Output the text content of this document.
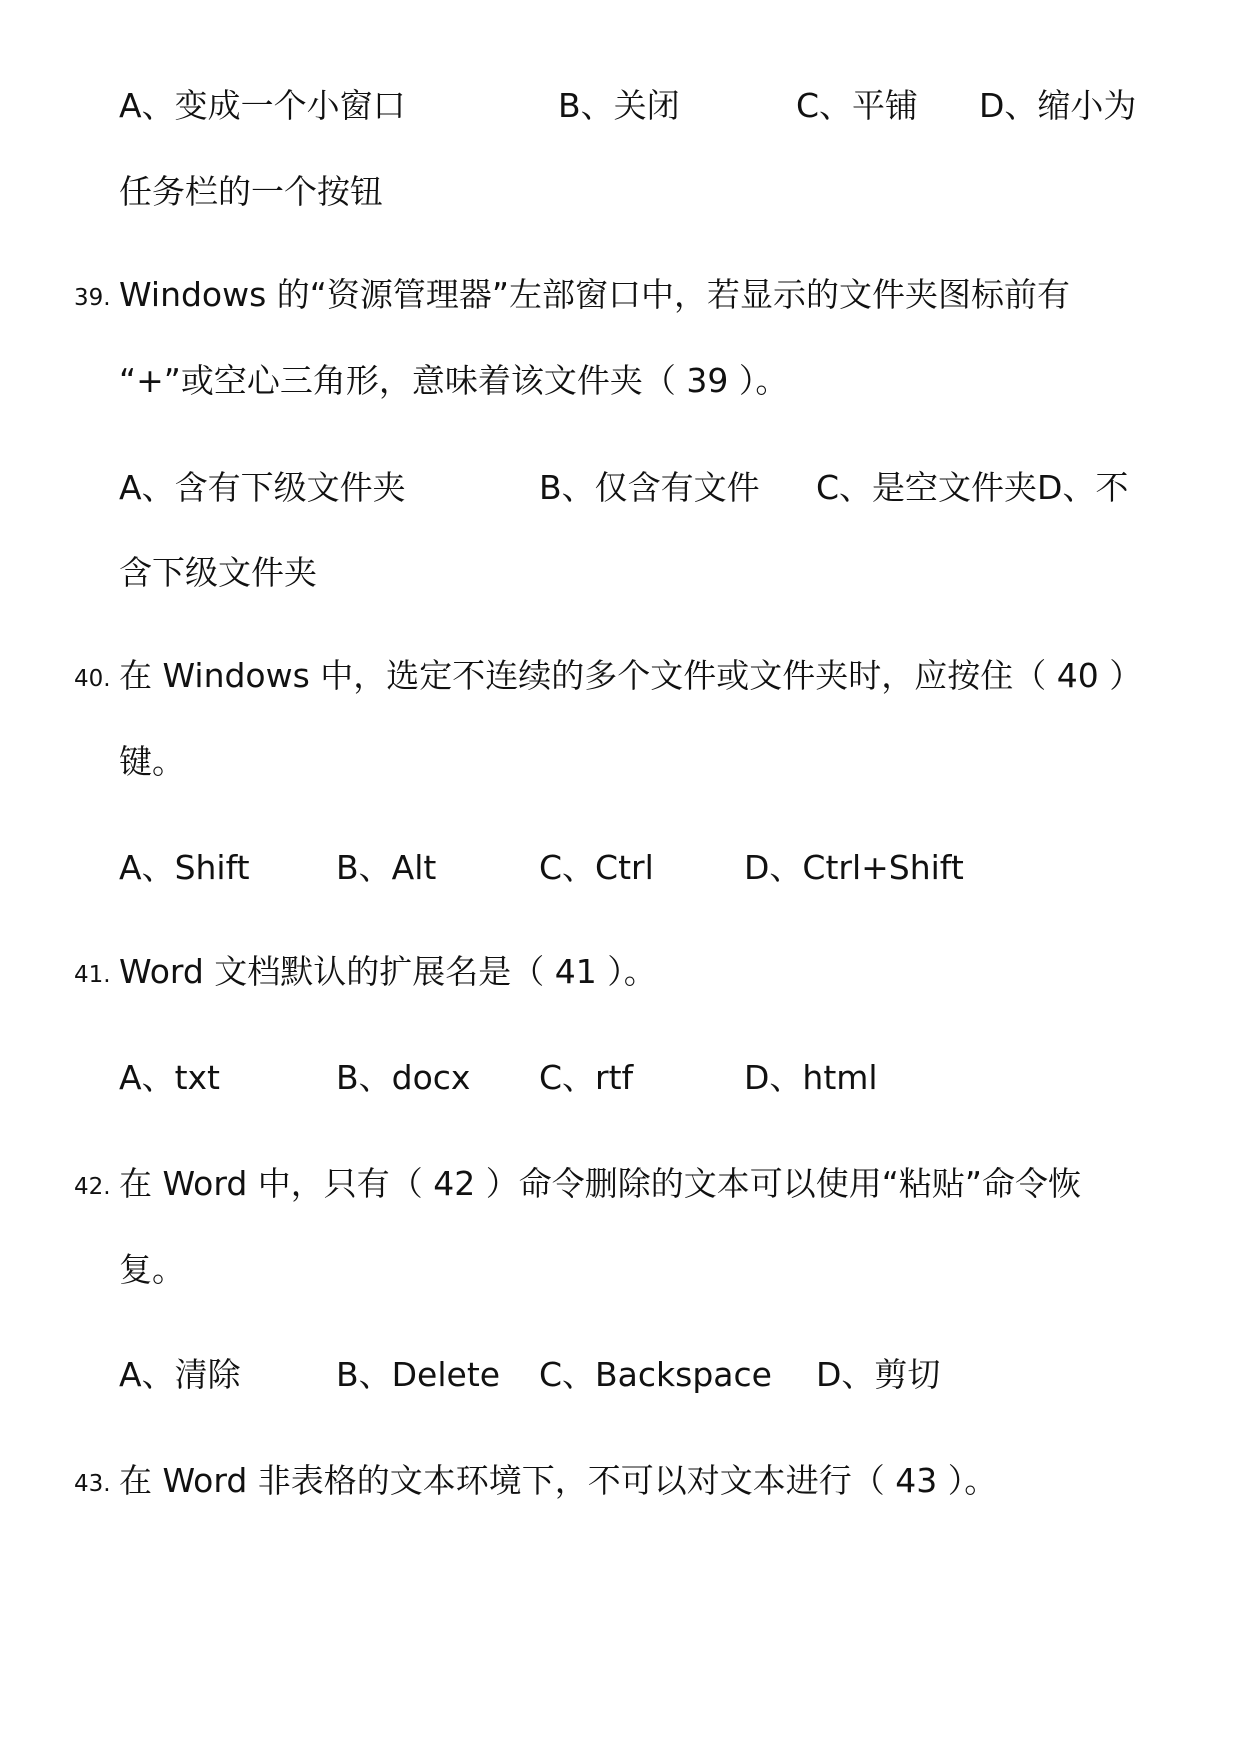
A、变成一个小窗口	B、关闭	C、平铺 D、缩小为
任务栏的一个按钮
39. Windows 的“资源管理器”左部窗口中，若显示的文件夹图标前有
“+”或空心三角形，意味着该文件夹（ 39 ）。
A、含有下级文件夹	B、仅含有文件 C、是空文件夹D、不
含下级文件夹
40. 在 Windows 中，选定不连续的多个文件或文件夹时，应按住（ 40 ）
键。
A、Shift	B、Alt	C、Ctrl	D、Ctrl+Shift
41. Word 文档默认的扩展名是（ 41 ）。
A、txt	B、docx C、rtf	D、html
42. 在 Word 中，只有（ 42 ）命令删除的文本可以使用“粘贴”命令恢
复。
A、清除	B、Delete C、Backspace D、剪切
43. 在 Word 非表格的文本环境下，不可以对文本进行（ 43 ）。
